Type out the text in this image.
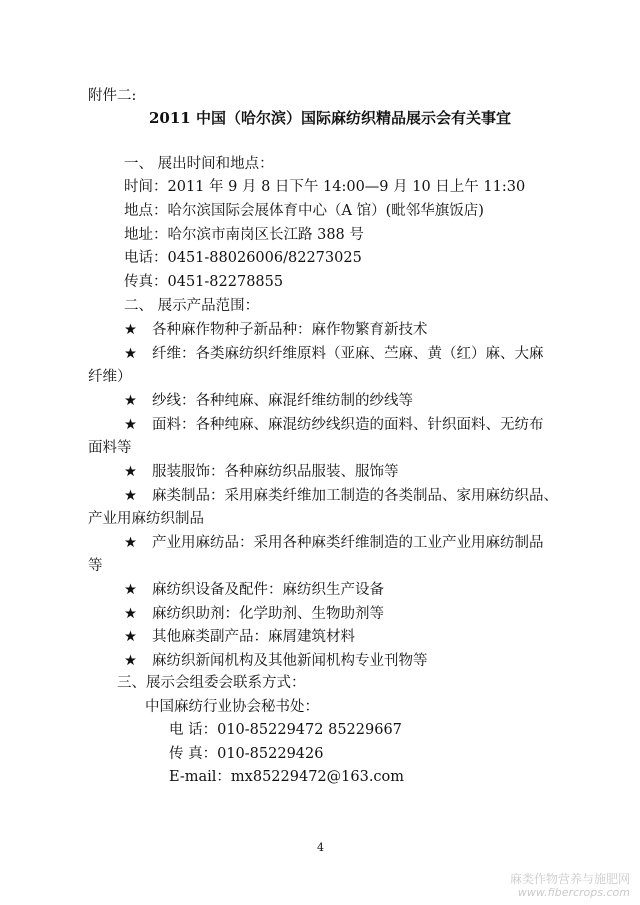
附件二:
2011 中国（哈尔滨）国际麻纺织精品展示会有关事宜
一、 展出时间和地点：
时间：2011 年 9 月 8 日下午 14:00—9 月 10 日上午 11:30
地点：哈尔滨国际会展体育中心（A 馆）(毗邻华旗饭店)
地址：哈尔滨市南岗区长江路 388 号
电话：0451-88026006/82273025
传真：0451-82278855
二、 展示产品范围：
★ 各种麻作物种子新品种：麻作物繁育新技术
★ 纤维：各类麻纺织纤维原料（亚麻、苎麻、黄（红）麻、大麻
纤维）
★ 纱线：各种纯麻、麻混纤维纺制的纱线等
★ 面料：各种纯麻、麻混纺纱线织造的面料、针织面料、无纺布
面料等
★ 服装服饰：各种麻纺织品服装、服饰等
★ 麻类制品：采用麻类纤维加工制造的各类制品、家用麻纺织品、
产业用麻纺织制品
★ 产业用麻纺品：采用各种麻类纤维制造的工业产业用麻纺制品
等
★ 麻纺织设备及配件：麻纺织生产设备
★ 麻纺织助剂：化学助剂、生物助剂等
★ 其他麻类副产品：麻屑建筑材料
★ 麻纺织新闻机构及其他新闻机构专业刊物等
三、展示会组委会联系方式：
中国麻纺行业协会秘书处：
电 话：010-85229472 85229667
传 真：010-85229426
E-mail：mx85229472@163.com
4
麻类作物营养与施肥网
www.fibercrops.com
